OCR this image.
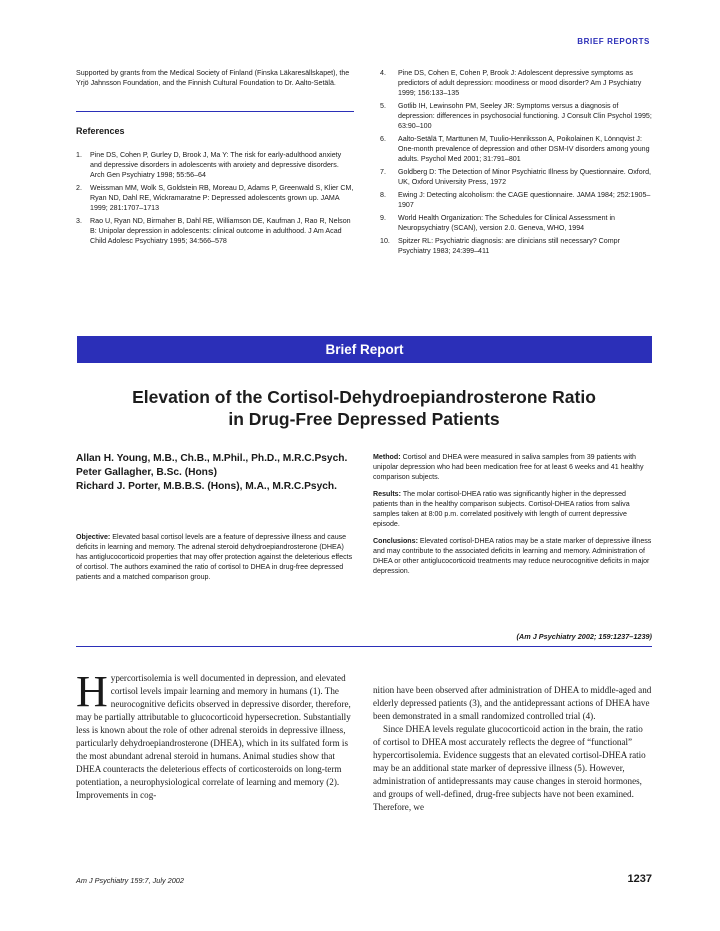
BRIEF REPORTS
Supported by grants from the Medical Society of Finland (Finska Läkaresällskapet), the Yrjö Jahnsson Foundation, and the Finnish Cultural Foundation to Dr. Aalto-Setälä.
References
1. Pine DS, Cohen P, Gurley D, Brook J, Ma Y: The risk for early-adulthood anxiety and depressive disorders in adolescents with anxiety and depressive disorders. Arch Gen Psychiatry 1998; 55:56–64
2. Weissman MM, Wolk S, Goldstein RB, Moreau D, Adams P, Greenwald S, Klier CM, Ryan ND, Dahl RE, Wickramaratne P: Depressed adolescents grown up. JAMA 1999; 281:1707–1713
3. Rao U, Ryan ND, Birmaher B, Dahl RE, Williamson DE, Kaufman J, Rao R, Nelson B: Unipolar depression in adolescents: clinical outcome in adulthood. J Am Acad Child Adolesc Psychiatry 1995; 34:566–578
4. Pine DS, Cohen E, Cohen P, Brook J: Adolescent depressive symptoms as predictors of adult depression: moodiness or mood disorder? Am J Psychiatry 1999; 156:133–135
5. Gotlib IH, Lewinsohn PM, Seeley JR: Symptoms versus a diagnosis of depression: differences in psychosocial functioning. J Consult Clin Psychol 1995; 63:90–100
6. Aalto-Setälä T, Marttunen M, Tuulio-Henriksson A, Poikolainen K, Lönnqvist J: One-month prevalence of depression and other DSM-IV disorders among young adults. Psychol Med 2001; 31:791–801
7. Goldberg D: The Detection of Minor Psychiatric Illness by Questionnaire. Oxford, UK, Oxford University Press, 1972
8. Ewing J: Detecting alcoholism: the CAGE questionnaire. JAMA 1984; 252:1905–1907
9. World Health Organization: The Schedules for Clinical Assessment in Neuropsychiatry (SCAN), version 2.0. Geneva, WHO, 1994
10. Spitzer RL: Psychiatric diagnosis: are clinicians still necessary? Compr Psychiatry 1983; 24:399–411
Brief Report
Elevation of the Cortisol-Dehydroepiandrosterone Ratio
in Drug-Free Depressed Patients
Allan H. Young, M.B., Ch.B., M.Phil., Ph.D., M.R.C.Psych.
Peter Gallagher, B.Sc. (Hons)
Richard J. Porter, M.B.B.S. (Hons), M.A., M.R.C.Psych.
Objective: Elevated basal cortisol levels are a feature of depressive illness and cause deficits in learning and memory. The adrenal steroid dehydroepiandrosterone (DHEA) has antiglucocorticoid properties that may offer protection against the deleterious effects of cortisol. The authors examined the ratio of cortisol to DHEA in drug-free depressed patients and a matched comparison group.

Method: Cortisol and DHEA were measured in saliva samples from 39 patients with unipolar depression who had been medication free for at least 6 weeks and 41 healthy comparison subjects.

Results: The molar cortisol-DHEA ratio was significantly higher in the depressed patients than in the healthy comparison subjects. Cortisol-DHEA ratios from saliva samples taken at 8:00 p.m. correlated positively with length of current depressive episode.

Conclusions: Elevated cortisol-DHEA ratios may be a state marker of depressive illness and may contribute to the associated deficits in learning and memory. Administration of DHEA or other antiglucocorticoid treatments may reduce neurocognitive deficits in major depression.

(Am J Psychiatry 2002; 159:1237–1239)
H ypercortisolemia is well documented in depression, and elevated cortisol levels impair learning and memory in humans (1). The neurocognitive deficits observed in depressive disorder, therefore, may be partially attributable to glucocorticoid hypersecretion. Substantially less is known about the role of other adrenal steroids in depressive illness, particularly dehydroepiandrosterone (DHEA), which in its sulfated form is the most abundant adrenal steroid in humans. Animal studies show that DHEA counteracts the deleterious effects of corticosteroids on long-term potentiation, a neurophysiological correlate of learning and memory (2). Improvements in cog-

nition have been observed after administration of DHEA to middle-aged and elderly depressed patients (3), and the antidepressant actions of DHEA have been demonstrated in a small randomized controlled trial (4).

Since DHEA levels regulate glucocorticoid action in the brain, the ratio of cortisol to DHEA most accurately reflects the degree of “functional” hypercortisolemia. Evidence suggests that an elevated cortisol-DHEA ratio may be an additional state marker of depressive illness (5). However, administration of antidepressants may cause changes in steroid hormones, and groups of well-defined, drug-free subjects have not been examined. Therefore, we

Am J Psychiatry 159:7, July 2002	1237
